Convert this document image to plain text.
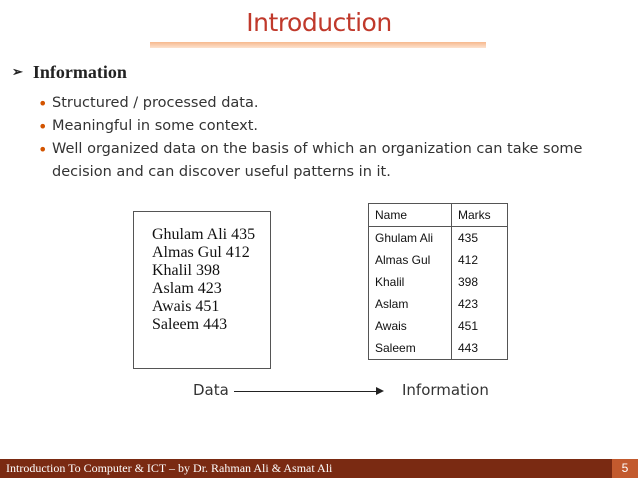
Introduction
➢ Information
• Structured / processed data.
• Meaningful in some context.
• Well organized data on the basis of which an organization can take some decision and can discover useful patterns in it.
Ghulam Ali 435
Almas Gul 412
Khalil 398
Aslam 423
Awais 451
Saleem 443
Name	Marks
Ghulam Ali	435
Almas Gul	412
Khalil	398
Aslam	423
Awais	451
Saleem	443
Data	Information
Introduction To Computer & ICT – by Dr. Rahman Ali & Asmat Ali	5
